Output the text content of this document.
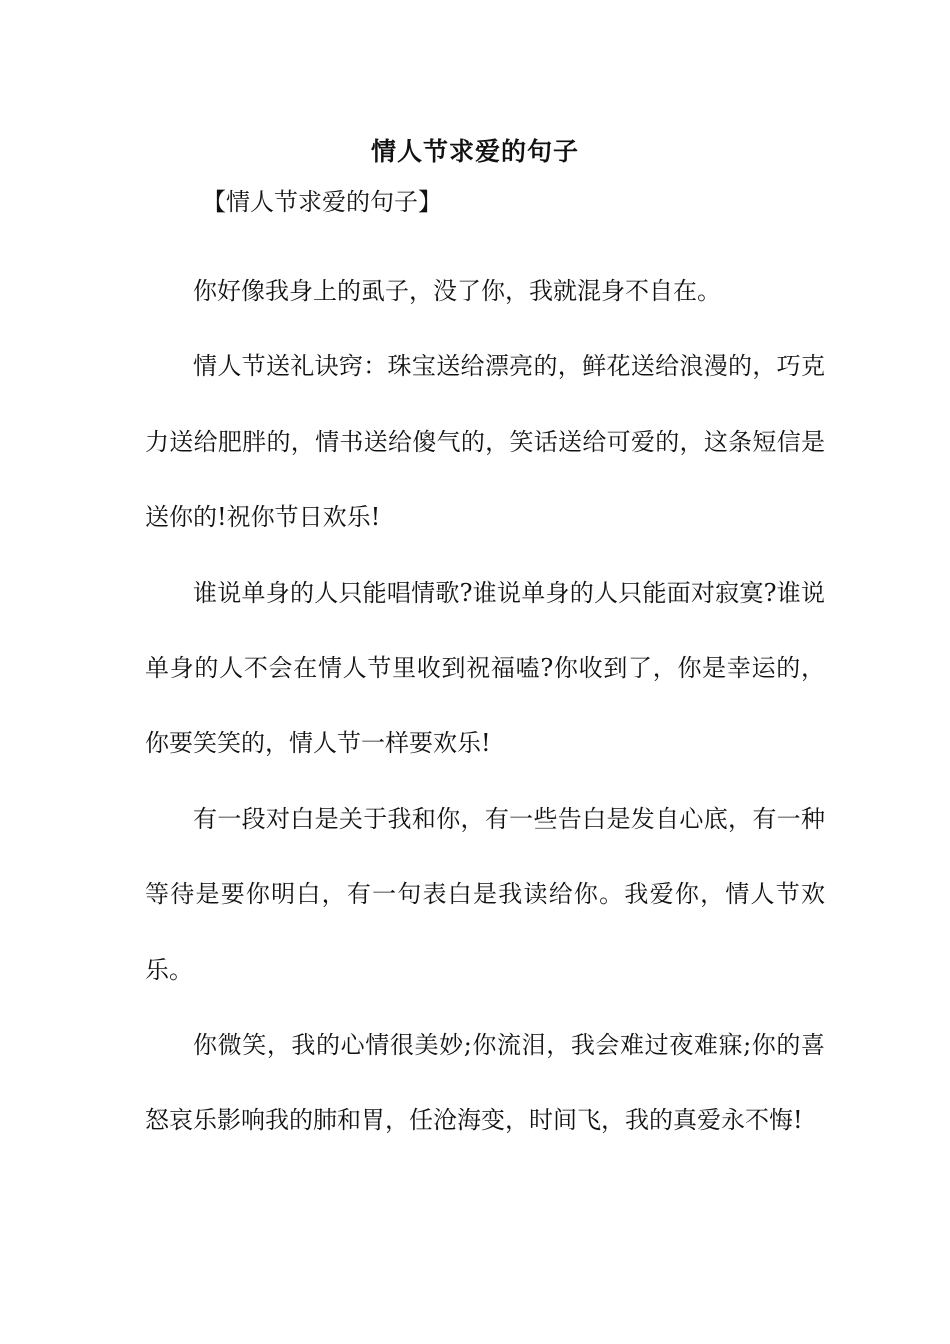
情人节求爱的句子
【情人节求爱的句子】

你好像我身上的虱子，没了你，我就混身不自在。

情人节送礼诀窍：珠宝送给漂亮的，鲜花送给浪漫的，巧克力送给肥胖的，情书送给傻气的，笑话送给可爱的，这条短信是送你的!祝你节日欢乐!

谁说单身的人只能唱情歌?谁说单身的人只能面对寂寞?谁说单身的人不会在情人节里收到祝福嗑?你收到了，你是幸运的，你要笑笑的，情人节一样要欢乐!

有一段对白是关于我和你，有一些告白是发自心底，有一种等待是要你明白，有一句表白是我读给你。我爱你，情人节欢乐。

你微笑，我的心情很美妙;你流泪，我会难过夜难寐;你的喜怒哀乐影响我的肺和胃，任沧海变，时间飞，我的真爱永不悔!
